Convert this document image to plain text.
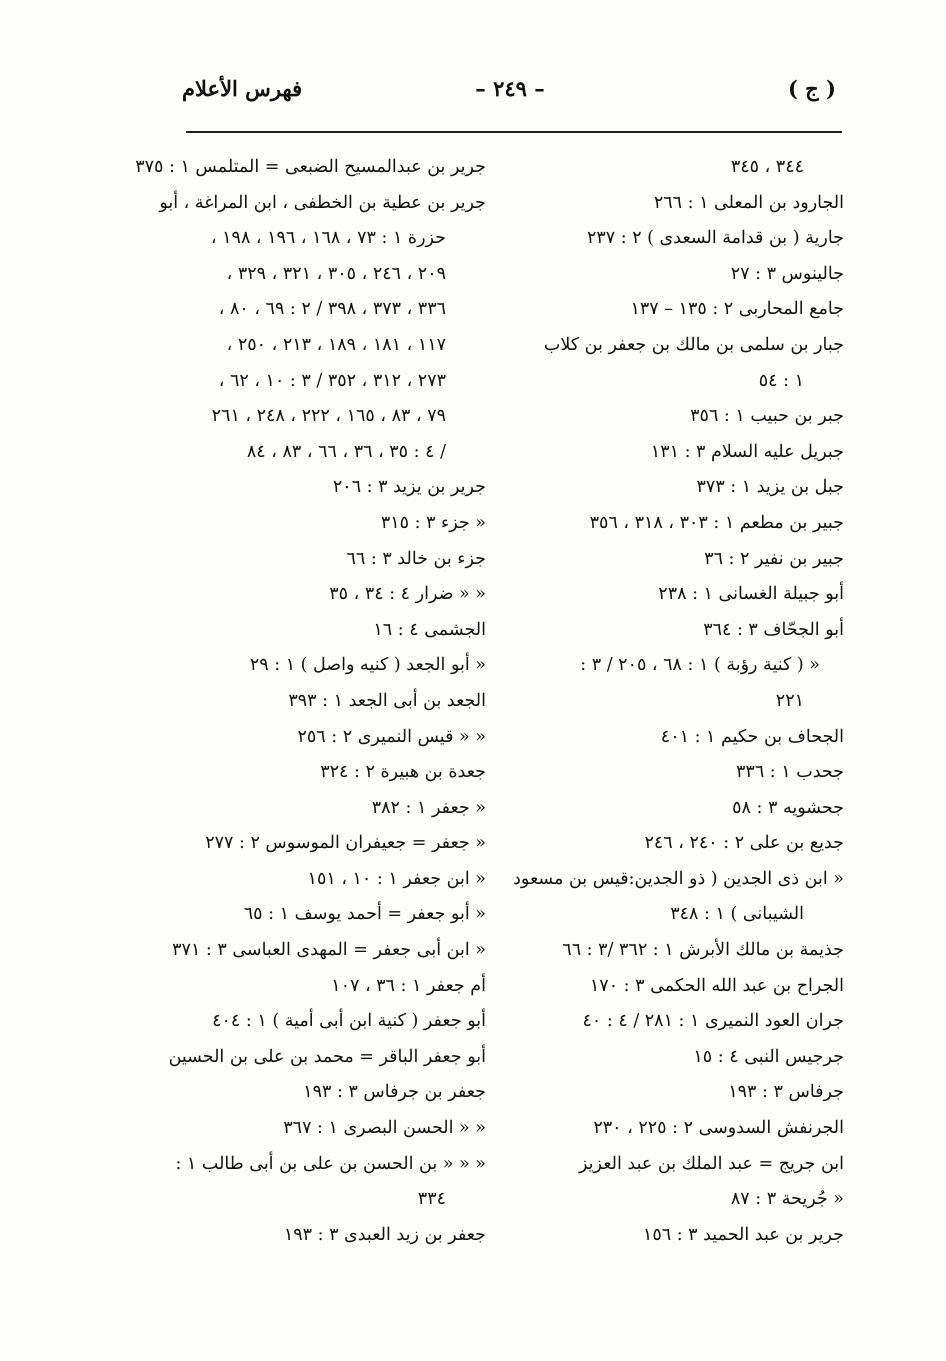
( ج )
– ٢٤٩ –
فهرس الأعلام
٣٤٤ ، ٣٤٥
الجارود بن المعلى ١ : ٢٦٦
جارية ( بن قدامة السعدى ) ٢ : ٢٣٧
جالينوس ٣ : ٢٧
جامع المحاربى ٢ : ١٣٥ – ١٣٧
جبار بن سلمى بن مالك بن جعفر بن كلاب
١ : ٥٤
جبر بن حبيب ١ : ٣٥٦
جبريل عليه السلام ٣ : ١٣١
جبل بن يزيد ١ : ٣٧٣
جبير بن مطعم ١ : ٣٠٣ ، ٣١٨ ، ٣٥٦
جبير بن نفير ٢ : ٣٦
أبو جبيلة الغسانى ١ : ٢٣٨
أبو الجحّاف ٣ : ٣٦٤
« ( كنية رؤبة ) ١ : ٦٨ ، ٢٠٥ / ٣ :
٢٢١
الجحاف بن حكيم ١ : ٤٠١
جحدب ١ : ٣٣٦
جحشويه ٣ : ٥٨
جديع بن على ٢ : ٢٤٠ ، ٢٤٦
« ابن ذى الجدين ( ذو الجدين:قيس بن مسعود
الشيبانى ) ١ : ٣٤٨
جذيمة بن مالك الأبرش ١ : ٣٦٢ /٣ : ٦٦
الجراح بن عبد الله الحكمى ٣ : ١٧٠
جران العود النميرى ١ : ٢٨١ / ٤ : ٤٠
جرجيس النبى ٤ : ١٥
جرفاس ٣ : ١٩٣
الجرنفش السدوسى ٢ : ٢٢٥ ، ٢٣٠
ابن جريج = عبد الملك بن عبد العزيز
« جُريحة ٣ : ٨٧
جرير بن عبد الحميد ٣ : ١٥٦
جرير بن عبدالمسيح الضبعى = المتلمس ١ : ٣٧٥
جرير بن عطية بن الخطفى ، ابن المراغة ، أبو
حزرة ١ : ٧٣ ، ١٦٨ ، ١٩٦ ، ١٩٨ ،
٢٠٩ ، ٢٤٦ ، ٣٠٥ ، ٣٢١ ، ٣٢٩ ،
٣٣٦ ، ٣٧٣ ، ٣٩٨ / ٢ : ٦٩ ، ٨٠ ،
١١٧ ، ١٨١ ، ١٨٩ ، ٢١٣ ، ٢٥٠ ،
٢٧٣ ، ٣١٢ ، ٣٥٢ / ٣ : ١٠ ، ٦٢ ،
٧٩ ، ٨٣ ، ١٦٥ ، ٢٢٢ ، ٢٤٨ ، ٢٦١
/ ٤ : ٣٥ ، ٣٦ ، ٦٦ ، ٨٣ ، ٨٤
جرير بن يزيد ٣ : ٢٠٦
« جزء ٣ : ٣١٥
جزء بن خالد ٣ : ٦٦
« « ضرار ٤ : ٣٤ ، ٣٥
الجشمى ٤ : ١٦
« أبو الجعد ( كنيه واصل ) ١ : ٢٩
الجعد بن أبى الجعد ١ : ٣٩٣
« « قيس النميرى ٢ : ٢٥٦
جعدة بن هبيرة ٢ : ٣٢٤
« جعفر ١ : ٣٨٢
« جعفر = جعيفران الموسوس ٢ : ٢٧٧
« ابن جعفر ١ : ١٠ ، ١٥١
« أبو جعفر = أحمد يوسف ١ : ٦٥
« ابن أبى جعفر = المهدى العباسى ٣ : ٣٧١
أم جعفر ١ : ٣٦ ، ١٠٧
أبو جعفر ( كنية ابن أبى أمية ) ١ : ٤٠٤
أبو جعفر الباقر = محمد بن على بن الحسين
جعفر بن جرفاس ٣ : ١٩٣
« « الحسن البصرى ١ : ٣٦٧
« « « بن الحسن بن على بن أبى طالب ١ :
٣٣٤
جعفر بن زيد العبدى ٣ : ١٩٣
